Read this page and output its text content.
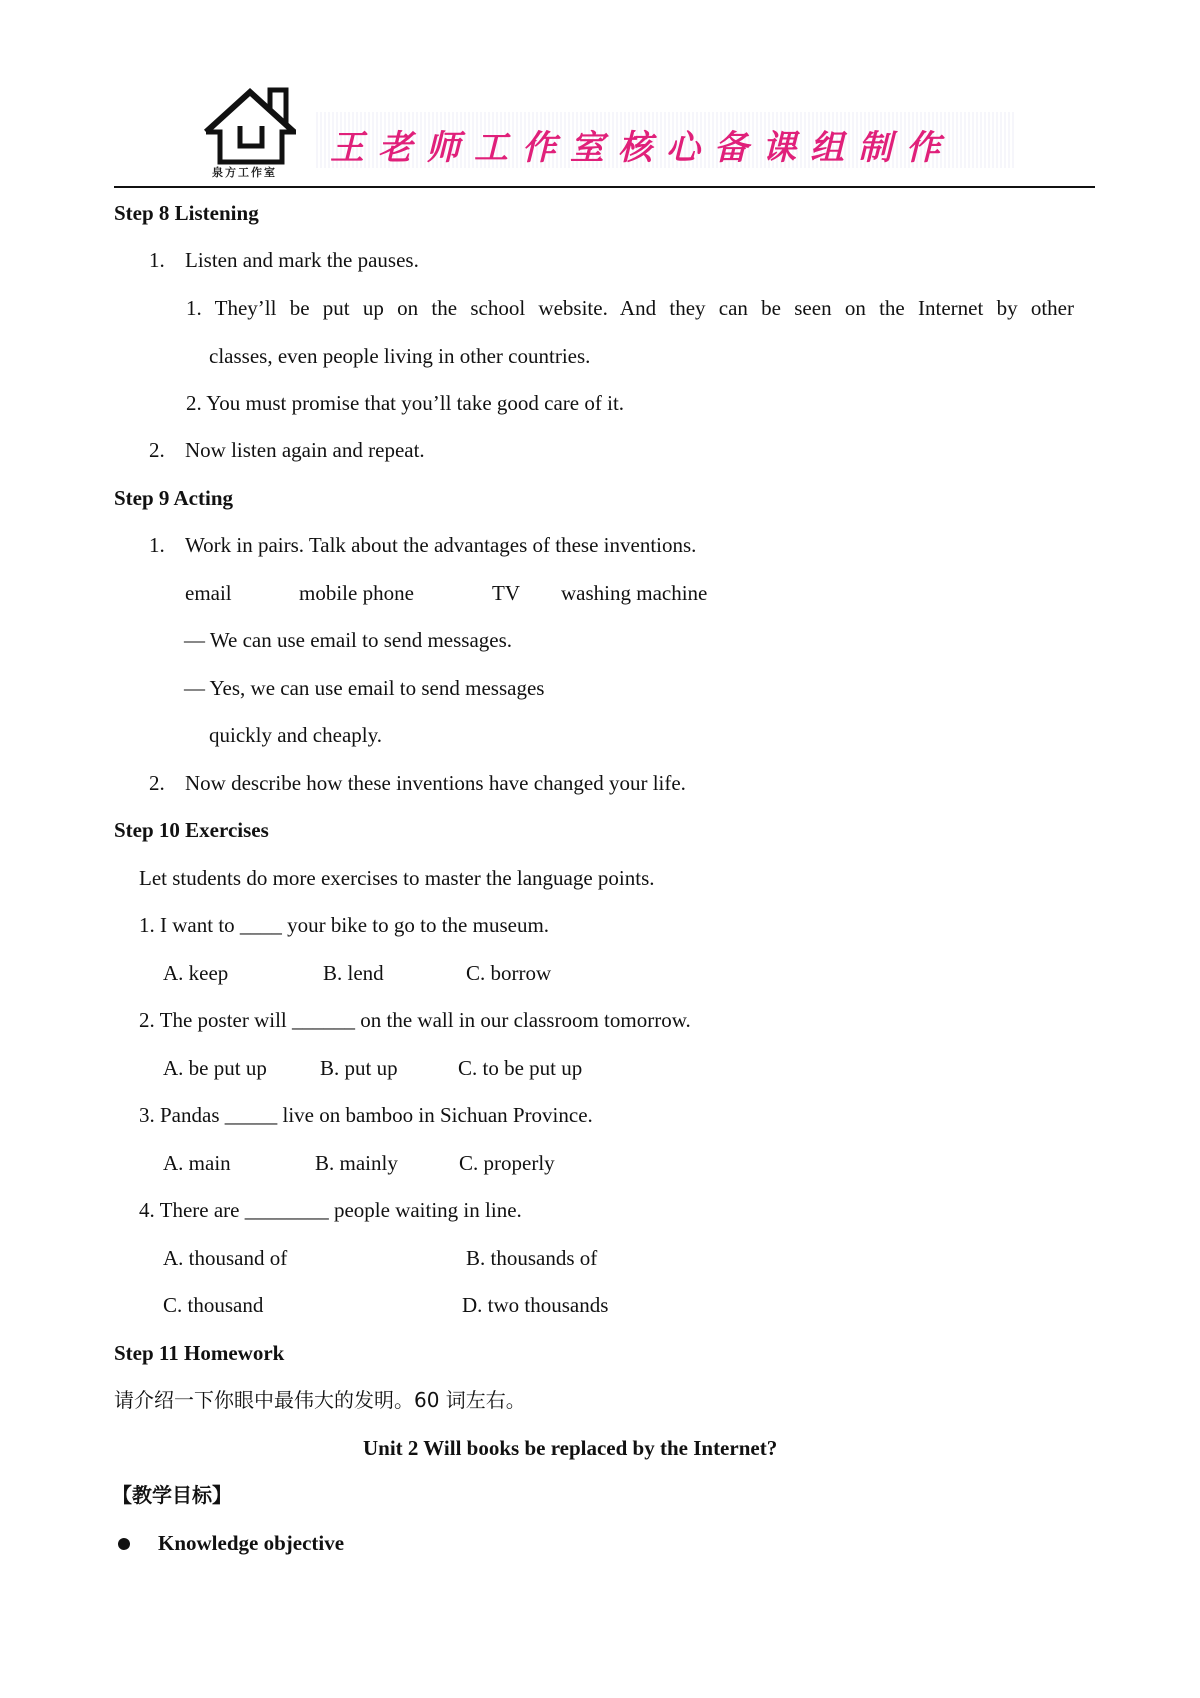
泉方工作室
王老师工作室核心备课组制作
Step 8 Listening
1. Listen and mark the pauses.
1. They’ll be put up on the school website. And they can be seen on the Internet by other
classes, even people living in other countries.
2. You must promise that you’ll take good care of it.
2. Now listen again and repeat.
Step 9 Acting
1. Work in pairs. Talk about the advantages of these inventions.
email	mobile phone	TV washing machine
— We can use email to send messages.
— Yes, we can use email to send messages
quickly and cheaply.
2. Now describe how these inventions have changed your life.
Step 10 Exercises
Let students do more exercises to master the language points.
1. I want to ____ your bike to go to the museum.
A. keep	B. lend	C. borrow
2. The poster will ______ on the wall in our classroom tomorrow.
A. be put up	B. put up	C. to be put up
3. Pandas _____ live on bamboo in Sichuan Province.
A. main	B. mainly	C. properly
4. There are ________ people waiting in line.
A. thousand of	B. thousands of
C. thousand	D. two thousands
Step 11 Homework
请介绍一下你眼中最伟大的发明。60 词左右。
Unit 2 Will books be replaced by the Internet?
【教学目标】
Knowledge objective
